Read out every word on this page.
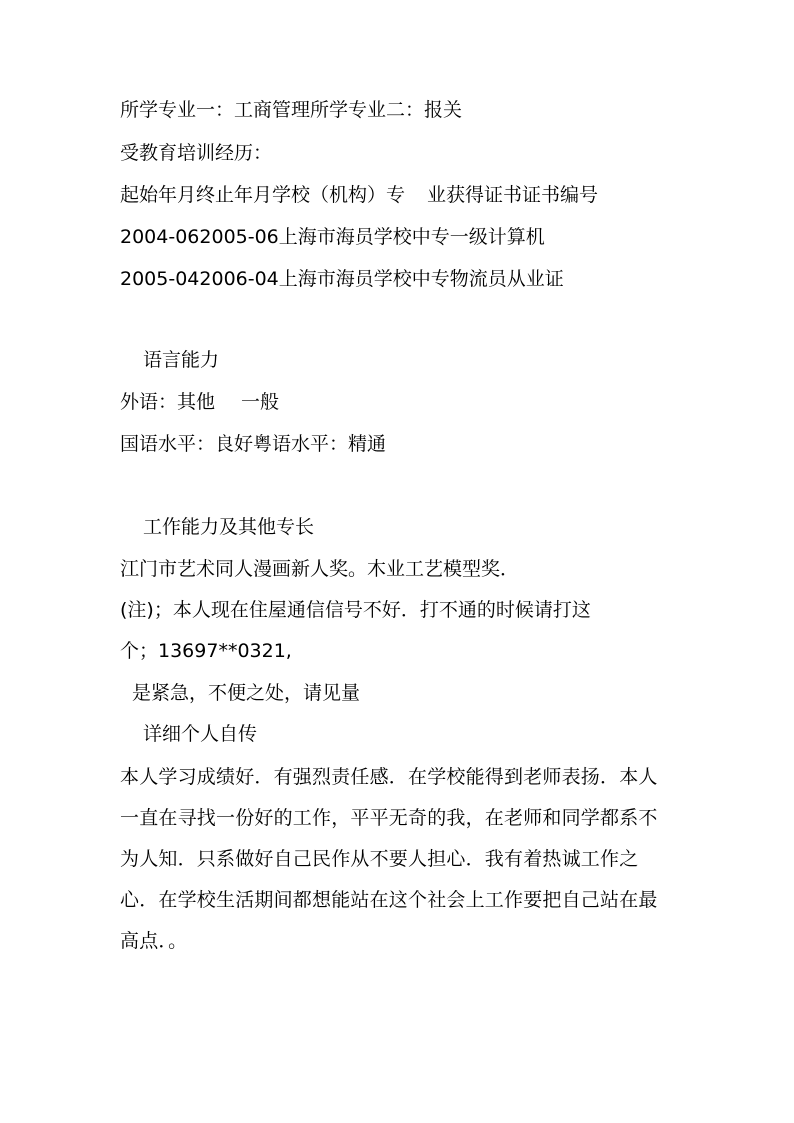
所学专业一：工商管理所学专业二：报关
受教育培训经历：
起始年月终止年月学校（机构）专 业获得证书证书编号
2004-062005-06上海市海员学校中专一级计算机
2005-042006-04上海市海员学校中专物流员从业证
语言能力
外语：其他 一般
国语水平：良好粤语水平：精通
工作能力及其他专长
江门市艺术同人漫画新人奖。木业工艺模型奖．
(注)；本人现在住屋通信信号不好．打不通的时候请打这
个；13697**0321,
是紧急，不便之处，请见量
详细个人自传
本人学习成绩好．有强烈责任感．在学校能得到老师表扬．本人一直在寻找一份好的工作，平平无奇的我，在老师和同学都系不为人知．只系做好自己民作从不要人担心．我有着热诚工作之心．在学校生活期间都想能站在这个社会上工作要把自己站在最高点．。
